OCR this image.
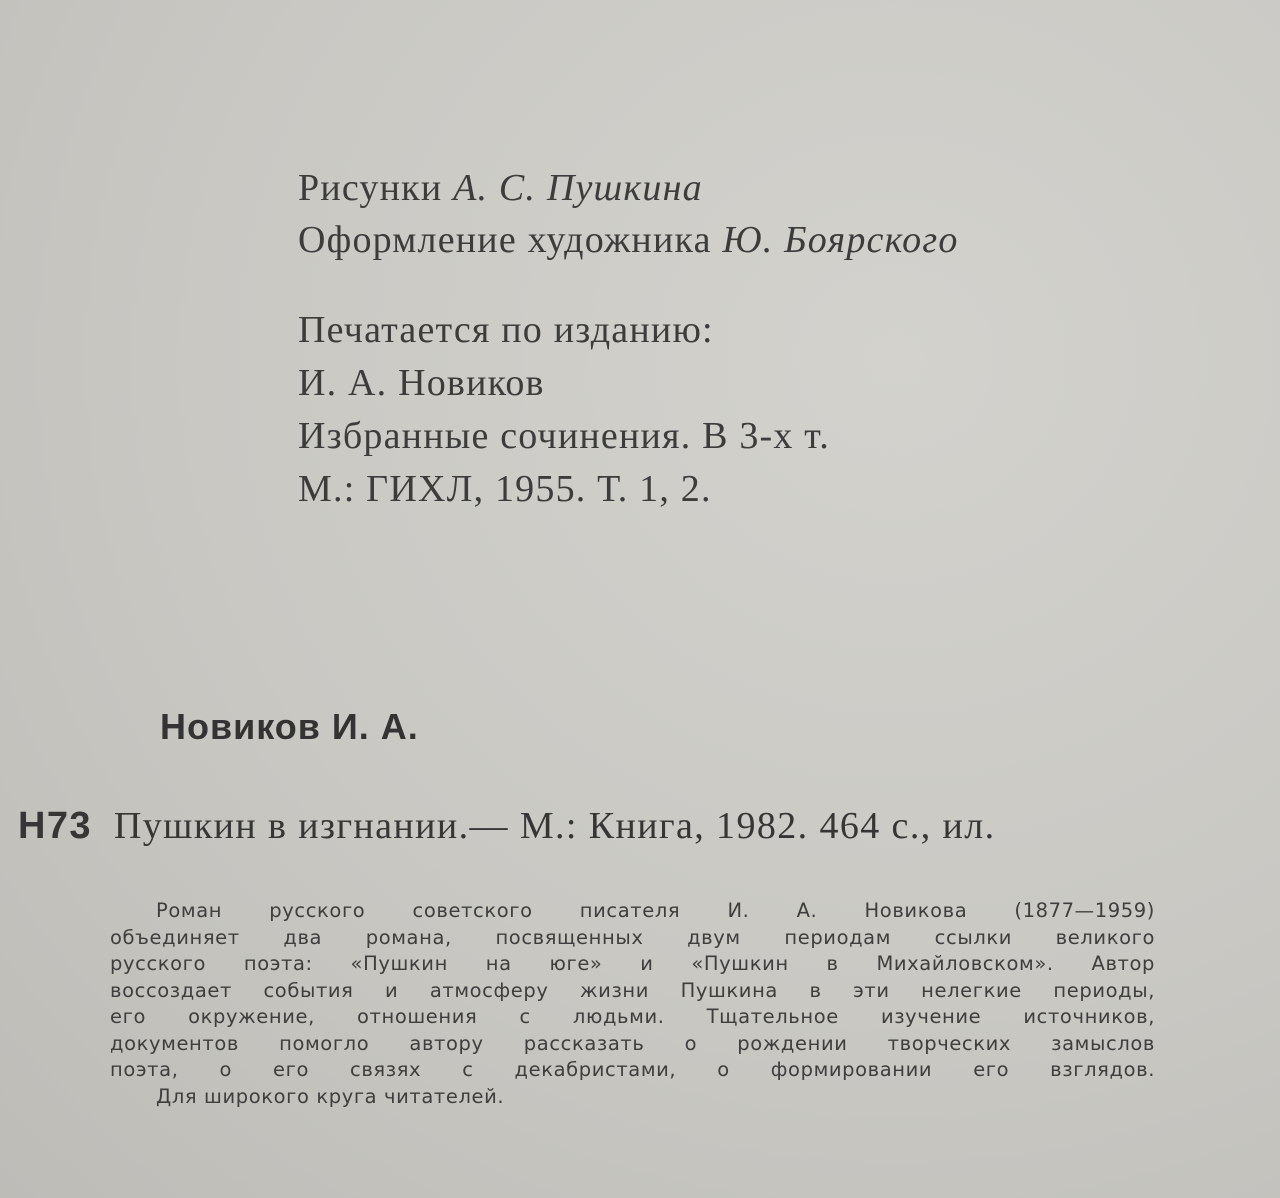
Рисунки А. С. Пушкина
Оформление художника Ю. Боярского
Печатается по изданию:
И. А. Новиков
Избранные сочинения. В 3-х т.
М.: ГИХЛ, 1955. Т. 1, 2.
Новиков И. А.
Н73 Пушкин в изгнании.— М.: Книга, 1982. 464 с., ил.
Роман русского советского писателя И. А. Новикова (1877—1959)
объединяет два романа, посвященных двум периодам ссылки великого
русского поэта: «Пушкин на юге» и «Пушкин в Михайловском». Автор
воссоздает события и атмосферу жизни Пушкина в эти нелегкие периоды,
его окружение, отношения с людьми. Тщательное изучение источников,
документов помогло автору рассказать о рождении творческих замыслов
поэта, о его связях с декабристами, о формировании его взглядов.
Для широкого круга читателей.
